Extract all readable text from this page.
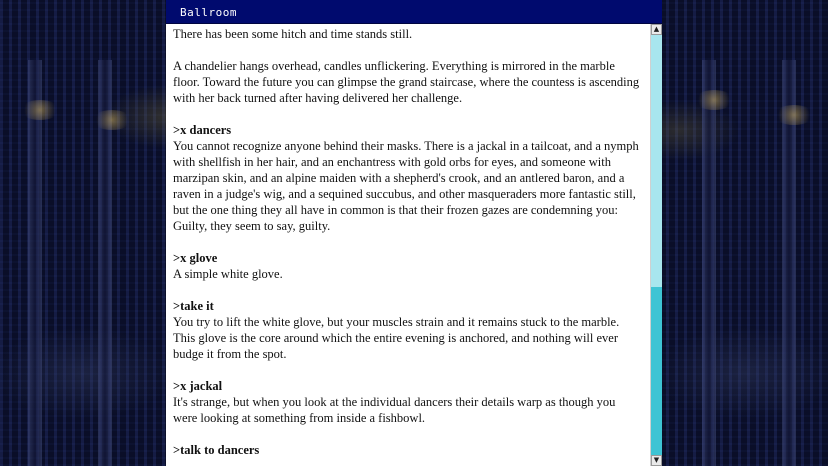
Ballroom

There has been some hitch and time stands still.

A chandelier hangs overhead, candles unflickering. Everything is mirrored in the marble floor. Toward the future you can glimpse the grand staircase, where the countess is ascending with her back turned after having delivered her challenge.

>x dancers

You cannot recognize anyone behind their masks. There is a jackal in a tailcoat, and a nymph with shellfish in her hair, and an enchantress with gold orbs for eyes, and someone with marzipan skin, and an alpine maiden with a shepherd's crook, and an antlered baron, and a raven in a judge's wig, and a sequined succubus, and other masqueraders more fantastic still, but the one thing they all have in common is that their frozen gazes are condemning you: Guilty, they seem to say, guilty.

>x glove

A simple white glove.

>take it

You try to lift the white glove, but your muscles strain and it remains stuck to the marble. This glove is the core around which the entire evening is anchored, and nothing will ever budge it from the spot.

>x jackal

It's strange, but when you look at the individual dancers their details warp as though you were looking at something from inside a fishbowl.

>talk to dancers

▲
▼
